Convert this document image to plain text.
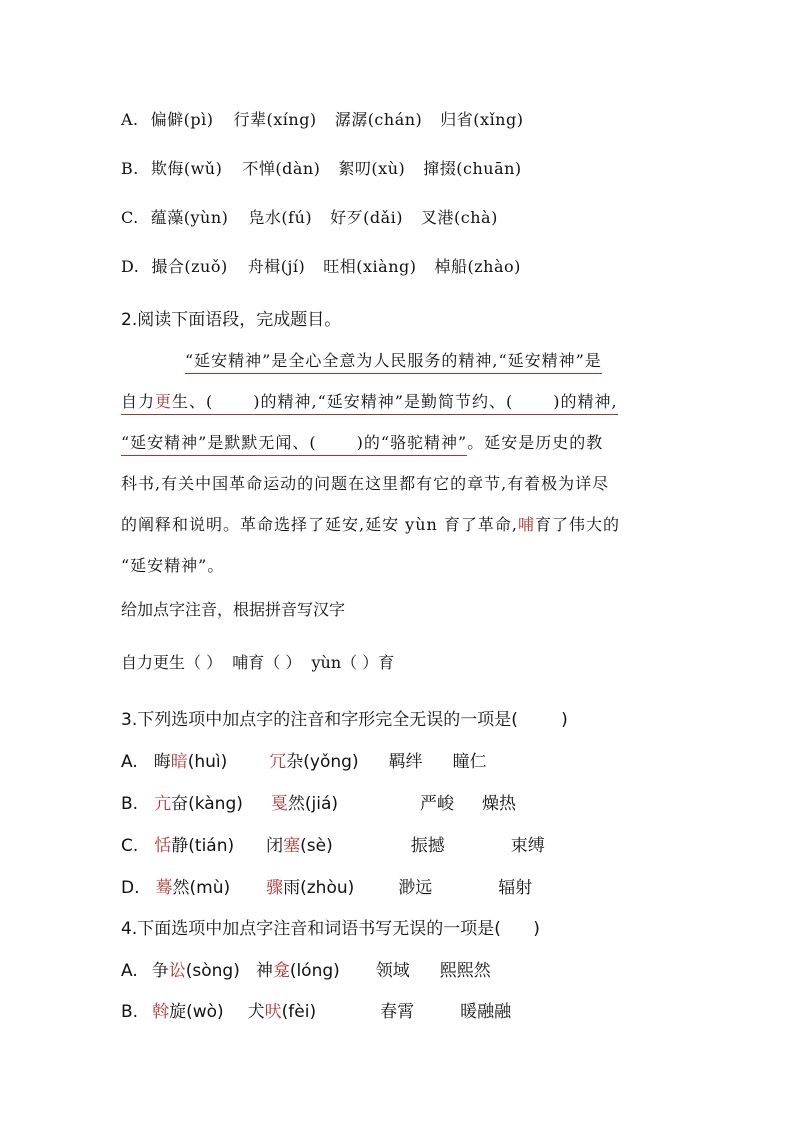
A. 偏僻(pì) 行辈(xíng) 潺潺(chán) 归省(xǐng)
B. 欺侮(wǔ) 不惮(dàn) 絮叨(xù) 撺掇(chuān)
C. 蕴藻(yùn) 凫水(fú) 好歹(dǎi) 叉港(chà)
D. 撮合(zuǒ) 舟楫(jí) 旺相(xiàng) 棹船(zhào)
2.阅读下面语段，完成题目。
“延安精神”是全心全意为人民服务的精神,“延安精神”是
自力更生、(	)的精神,“延安精神”是勤简节约、(	)的精神,
“延安精神”是默默无闻、(	)的“骆驼精神”。延安是历史的教
科书,有关中国革命运动的问题在这里都有它的章节,有着极为详尽
的阐释和说明。革命选择了延安,延安 yùn 育了革命,哺育了伟大的
“延安精神”。
给加点字注音，根据拼音写汉字
自力更生（ ）  哺育（ ）  yùn（ ）育
3.下列选项中加点字的注音和字形完全无误的一项是(        )
A. 晦暗(huì) 冗杂(yǒng) 羁绊 瞳仁
B. 亢奋(kàng) 戛然(jiá)	严峻 燥热
C. 恬静(tián) 闭塞(sè)	振撼	束缚
D. 蓦然(mù) 骤雨(zhòu)	渺远	辐射
4.下面选项中加点字注音和词语书写无误的一项是(      )
A. 争讼(sòng) 神龛(lóng) 领域 熙熙然
B. 斡旋(wò) 犬吠(fèi)	春霄	暖融融
